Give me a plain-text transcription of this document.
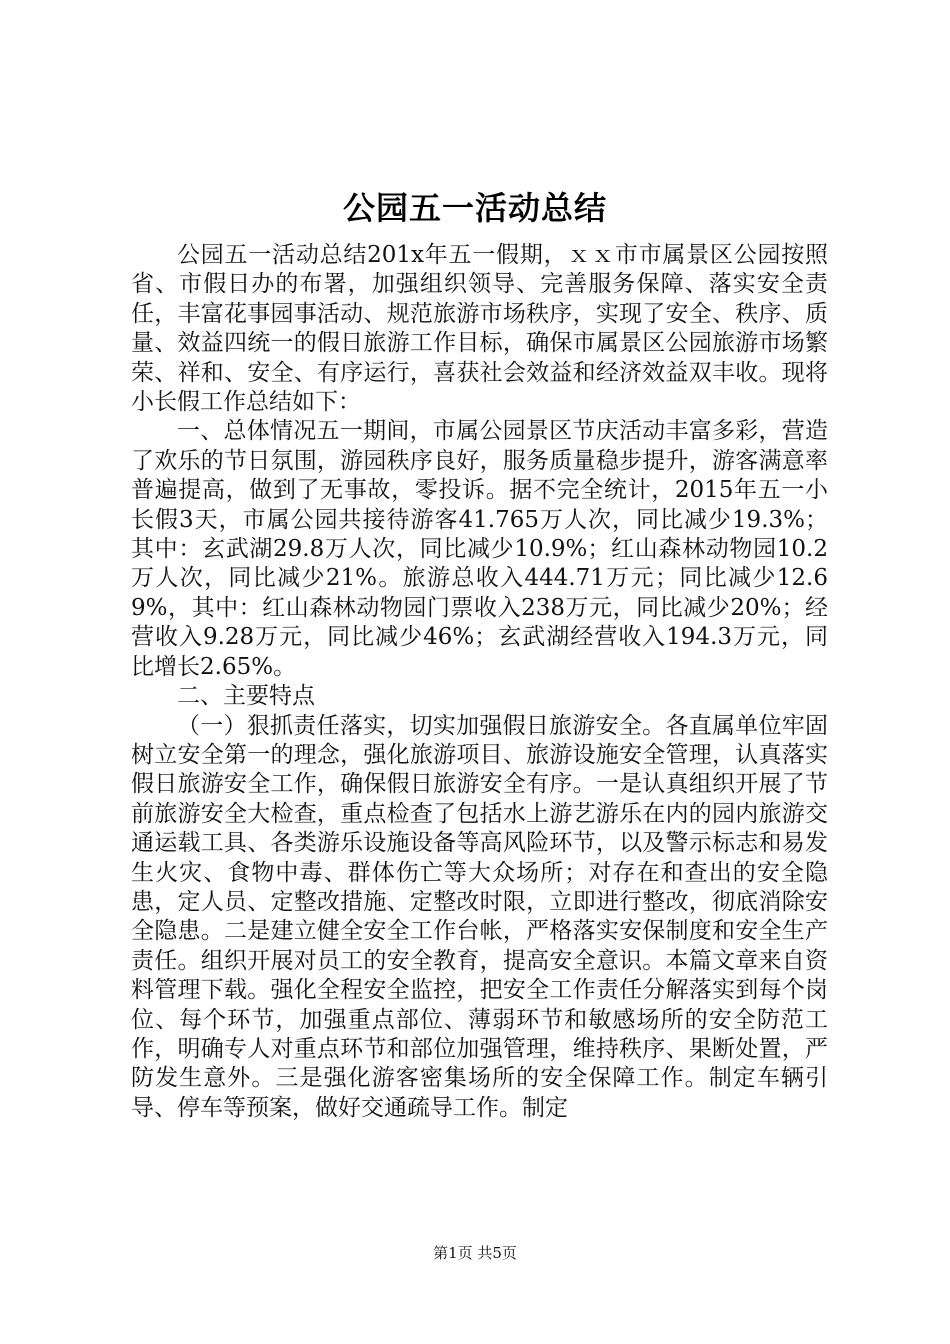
公园五一活动总结

公园五一活动总结201x年五一假期，ｘｘ市市属景区公园按照省、市假日办的布署，加强组织领导、完善服务保障、落实安全责任，丰富花事园事活动、规范旅游市场秩序，实现了安全、秩序、质量、效益四统一的假日旅游工作目标，确保市属景区公园旅游市场繁荣、祥和、安全、有序运行，喜获社会效益和经济效益双丰收。现将小长假工作总结如下：

一、总体情况五一期间，市属公园景区节庆活动丰富多彩，营造了欢乐的节日氛围，游园秩序良好，服务质量稳步提升，游客满意率普遍提高，做到了无事故，零投诉。据不完全统计，2015年五一小长假3天，市属公园共接待游客41.765万人次，同比减少19.3%；其中：玄武湖29.8万人次，同比减少10.9%；红山森林动物园10.2万人次，同比减少21%。旅游总收入444.71万元；同比减少12.69%，其中：红山森林动物园门票收入238万元，同比减少20%；经营收入9.28万元，同比减少46%；玄武湖经营收入194.3万元，同比增长2.65%。

二、主要特点

（一）狠抓责任落实，切实加强假日旅游安全。各直属单位牢固树立安全第一的理念，强化旅游项目、旅游设施安全管理，认真落实假日旅游安全工作，确保假日旅游安全有序。一是认真组织开展了节前旅游安全大检查，重点检查了包括水上游艺游乐在内的园内旅游交通运载工具、各类游乐设施设备等高风险环节，以及警示标志和易发生火灾、食物中毒、群体伤亡等大众场所；对存在和查出的安全隐患，定人员、定整改措施、定整改时限，立即进行整改，彻底消除安全隐患。二是建立健全安全工作台帐，严格落实安保制度和安全生产责任。组织开展对员工的安全教育，提高安全意识。本篇文章来自资料管理下载。强化全程安全监控，把安全工作责任分解落实到每个岗位、每个环节，加强重点部位、薄弱环节和敏感场所的安全防范工作，明确专人对重点环节和部位加强管理，维持秩序、果断处置，严防发生意外。三是强化游客密集场所的安全保障工作。制定车辆引导、停车等预案，做好交通疏导工作。制定

第1页 共5页
